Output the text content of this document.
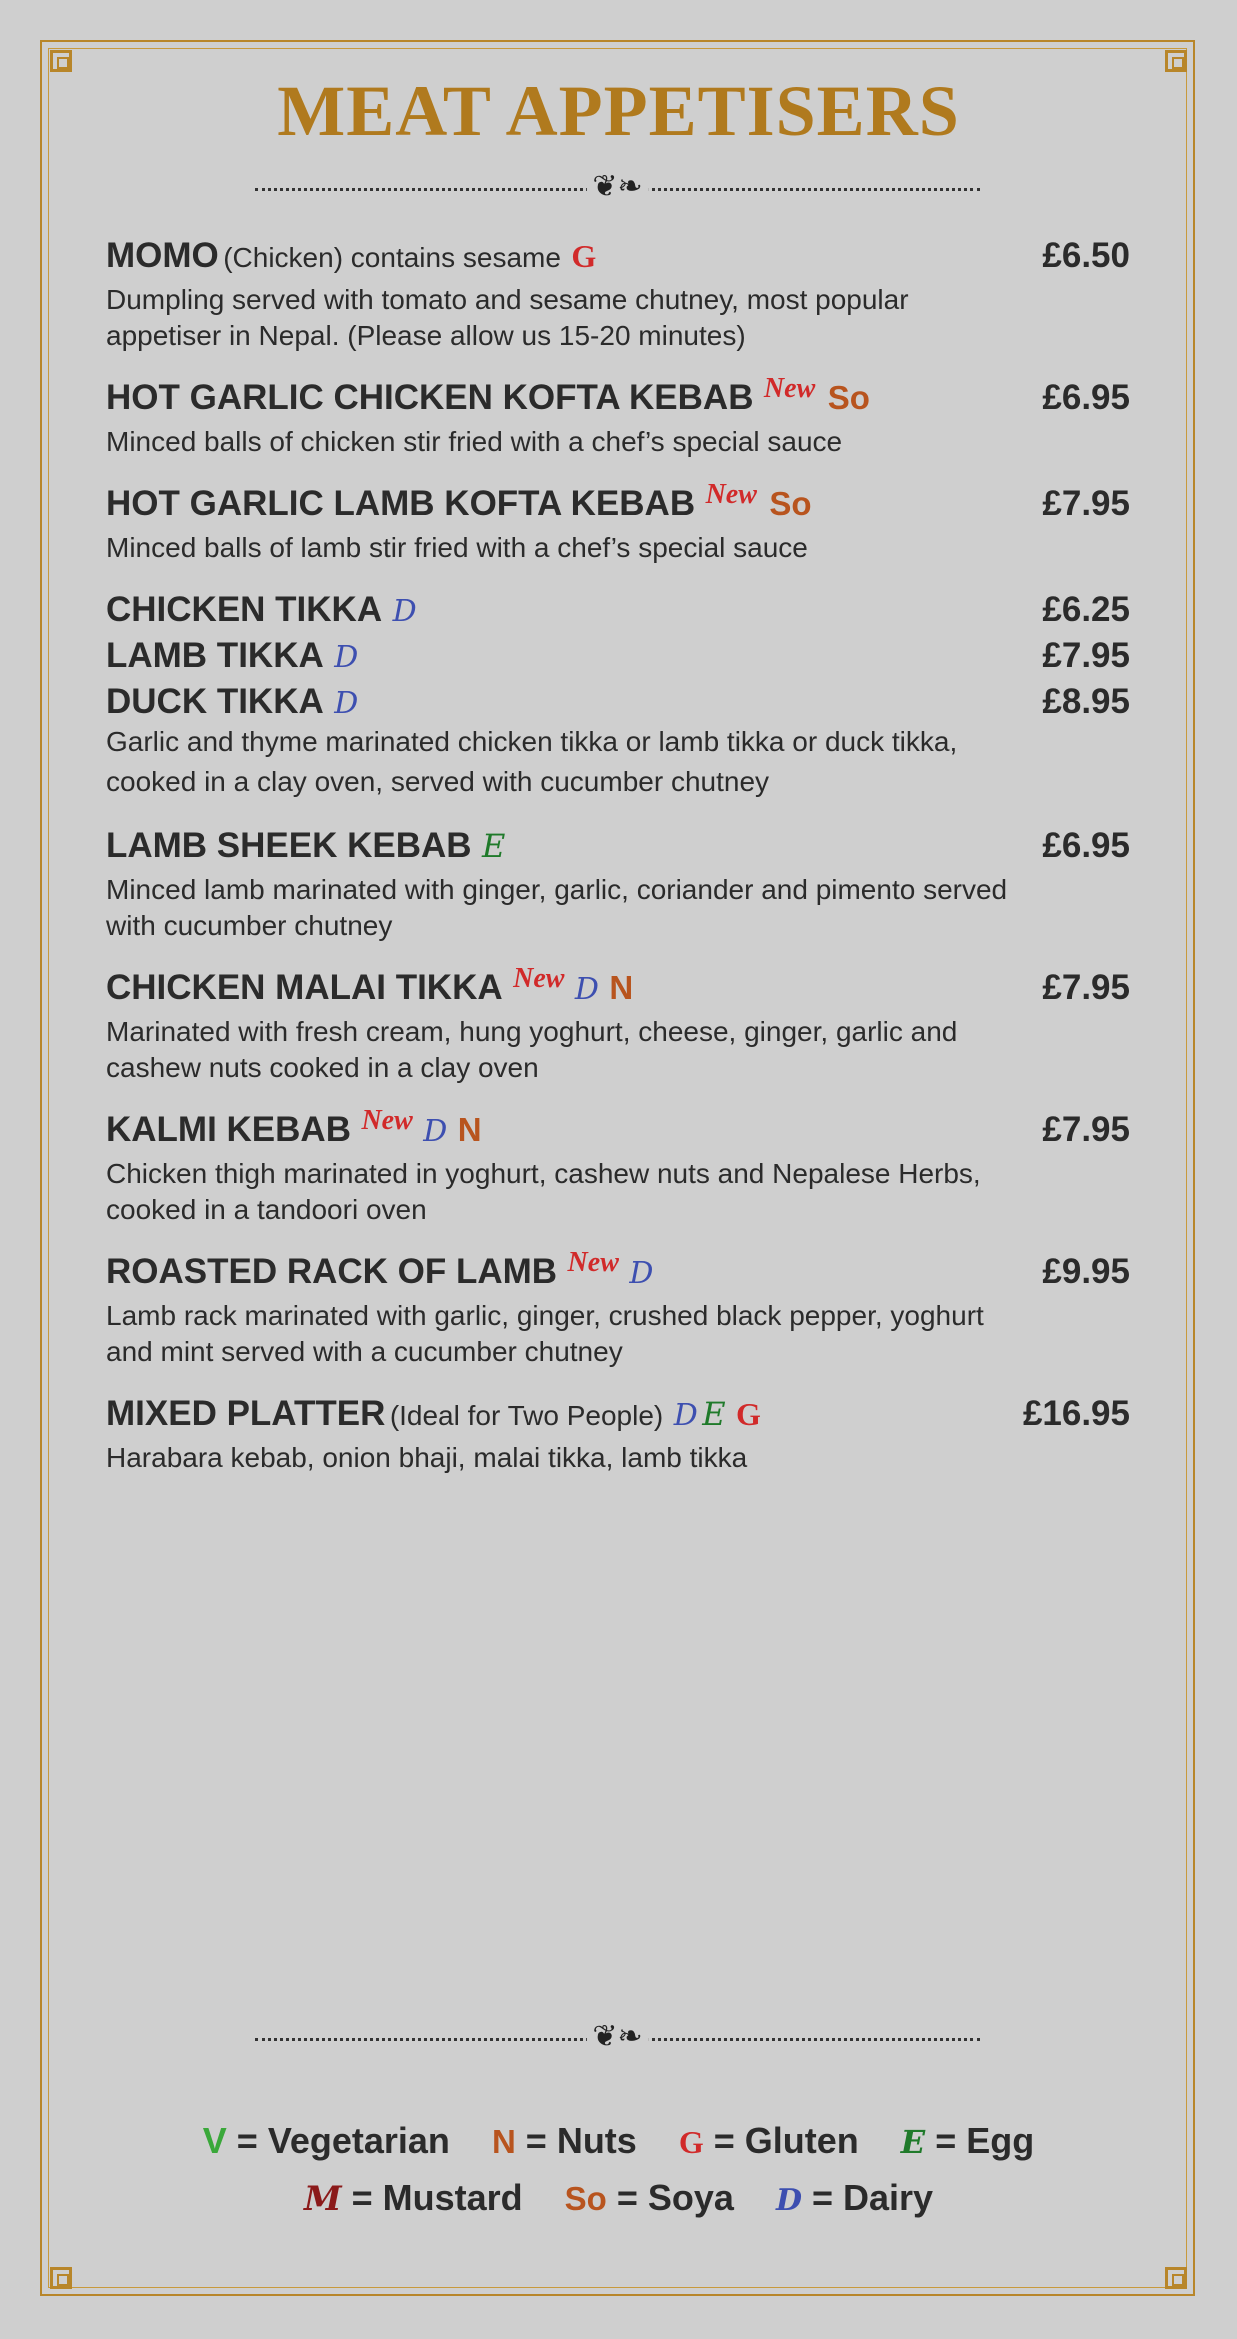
MEAT APPETISERS
❦❧
MOMO (Chicken) contains sesame G	£6.50
Dumpling served with tomato and sesame chutney, most popular appetiser in Nepal. (Please allow us 15-20 minutes)
HOT GARLIC CHICKEN KOFTA KEBAB New So	£6.95
Minced balls of chicken stir fried with a chef’s special sauce
HOT GARLIC LAMB KOFTA KEBAB New So	£7.95
Minced balls of lamb stir fried with a chef’s special sauce
CHICKEN TIKKA D	£6.25
LAMB TIKKA D	£7.95
DUCK TIKKA D	£8.95
Garlic and thyme marinated chicken tikka or lamb tikka or duck tikka, cooked in a clay oven, served with cucumber chutney
LAMB SHEEK KEBAB E	£6.95
Minced lamb marinated with ginger, garlic, coriander and pimento served with cucumber chutney
CHICKEN MALAI TIKKA New D N	£7.95
Marinated with fresh cream, hung yoghurt, cheese, ginger, garlic and cashew nuts cooked in a clay oven
KALMI KEBAB New D N	£7.95
Chicken thigh marinated in yoghurt, cashew nuts and Nepalese Herbs, cooked in a tandoori oven
ROASTED RACK OF LAMB New D	£9.95
Lamb rack marinated with garlic, ginger, crushed black pepper, yoghurt and mint served with a cucumber chutney
MIXED PLATTER (Ideal for Two People) D E G	£16.95
Harabara kebab, onion bhaji, malai tikka, lamb tikka
❦❧
V = Vegetarian N = Nuts G = Gluten E = Egg
M = Mustard So = Soya D = Dairy
